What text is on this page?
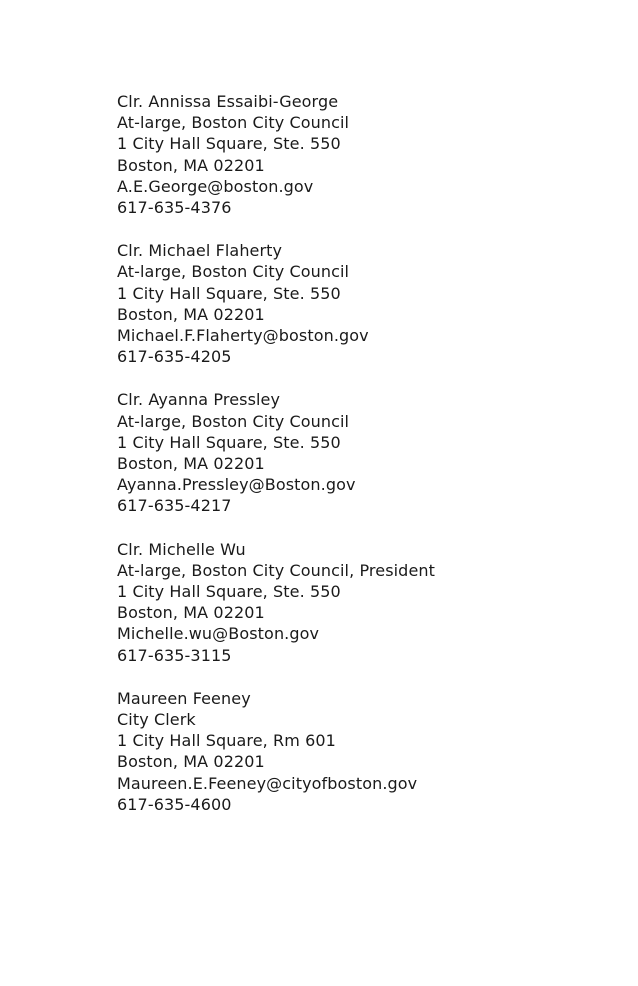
Clr. Annissa Essaibi-George
At-large, Boston City Council
1 City Hall Square, Ste. 550
Boston, MA 02201
A.E.George@boston.gov
617-635-4376
Clr. Michael Flaherty
At-large, Boston City Council
1 City Hall Square, Ste. 550
Boston, MA 02201
Michael.F.Flaherty@boston.gov
617-635-4205
Clr. Ayanna Pressley
At-large, Boston City Council
1 City Hall Square, Ste. 550
Boston, MA 02201
Ayanna.Pressley@Boston.gov
617-635-4217
Clr. Michelle Wu
At-large, Boston City Council, President
1 City Hall Square, Ste. 550
Boston, MA 02201
Michelle.wu@Boston.gov
617-635-3115
Maureen Feeney
City Clerk
1 City Hall Square, Rm 601
Boston, MA 02201
Maureen.E.Feeney@cityofboston.gov
617-635-4600
